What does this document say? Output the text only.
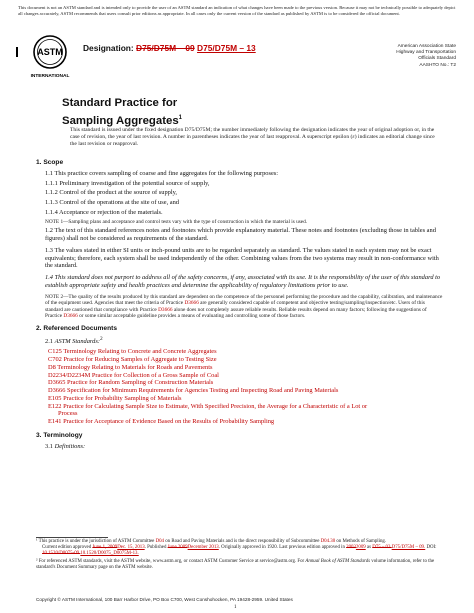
This document is not an ASTM standard and is intended only to provide the user of an ASTM standard an indication of what changes have been made to the previous version. Because it may not be technically possible to adequately depict all changes accurately, ASTM recommends that users consult prior editions as appropriate. In all cases only the current version of the standard as published by ASTM is to be considered the official document.
ASTM
INTERNATIONAL
Designation: D75/D75M – 09 D75/D75M – 13	American Association State
Highway and Transportation
Officials Standard
AASHTO No.: T2
Standard Practice for
Sampling Aggregates$^1$
This standard is issued under the fixed designation D75/D75M; the number immediately following the designation indicates the year of original adoption or, in the case of revision, the year of last revision. A number in parentheses indicates the year of last reapproval. A superscript epsilon (ε) indicates an editorial change since the last revision or reapproval.
1. Scope
1.1 This practice covers sampling of coarse and fine aggregates for the following purposes:
1.1.1 Preliminary investigation of the potential source of supply,
1.1.2 Control of the product at the source of supply,
1.1.3 Control of the operations at the site of use, and
1.1.4 Acceptance or rejection of the materials.
NOTE 1—Sampling plans and acceptance and control tests vary with the type of construction in which the material is used.
1.2 The text of this standard references notes and footnotes which provide explanatory material. These notes and footnotes (excluding those in tables and figures) shall not be considered as requirements of the standard.
1.3 The values stated in either SI units or inch-pound units are to be regarded separately as standard. The values stated in each system may not be exact equivalents; therefore, each system shall be used independently of the other. Combining values from the two systems may result in non-conformance with the standard.
1.4 This standard does not purport to address all of the safety concerns, if any, associated with its use. It is the responsibility of the user of this standard to establish appropriate safety and health practices and determine the applicability of regulatory limitations prior to use.
NOTE 2—The quality of the results produced by this standard are dependent on the competence of the personnel performing the procedure and the capability, calibration, and maintenance of the equipment used. Agencies that meet the criteria of Practice D3666 are generally considered capable of competent and objective testing/sampling/inspection/etc. Users of this standard are cautioned that compliance with Practice D3666 alone does not completely assure reliable results. Reliable results depend on many factors; following the suggestions of Practice D3666 or some similar acceptable guideline provides a means of evaluating and controlling some of those factors.
2. Referenced Documents
2.1 ASTM Standards:$^2$
C125 Terminology Relating to Concrete and Concrete Aggregates
C702 Practice for Reducing Samples of Aggregate to Testing Size
D8 Terminology Relating to Materials for Roads and Pavements
D2234/D2234M Practice for Collection of a Gross Sample of Coal
D3665 Practice for Random Sampling of Construction Materials
D3666 Specification for Minimum Requirements for Agencies Testing and Inspecting Road and Paving Materials
E105 Practice for Probability Sampling of Materials
E122 Practice for Calculating Sample Size to Estimate, With Specified Precision, the Average for a Characteristic of a Lot or
Process
E141 Practice for Acceptance of Evidence Based on the Results of Probability Sampling
3. Terminology
3.1 Definitions:
¹ This practice is under the jurisdiction of ASTM Committee D04 on Road and Paving Materials and is the direct responsibility of Subcommittee D04.30 on Methods of Sampling.
Current edition approved June 1, 2009Dec. 15, 2013. Published June 2009December 2013. Originally approved in 1920. Last previous edition approved in 20032009 as D75 – 03.D75/D75M – 09. DOI: 10.1520/D0075-09.10.1520/D0075_D0075M-13.
² For referenced ASTM standards, visit the ASTM website, www.astm.org, or contact ASTM Customer Service at service@astm.org. For Annual Book of ASTM Standards volume information, refer to the standard's Document Summary page on the ASTM website.
Copyright © ASTM International, 100 Barr Harbor Drive, PO Box C700, West Conshohocken, PA 19428-2959. United States
1
